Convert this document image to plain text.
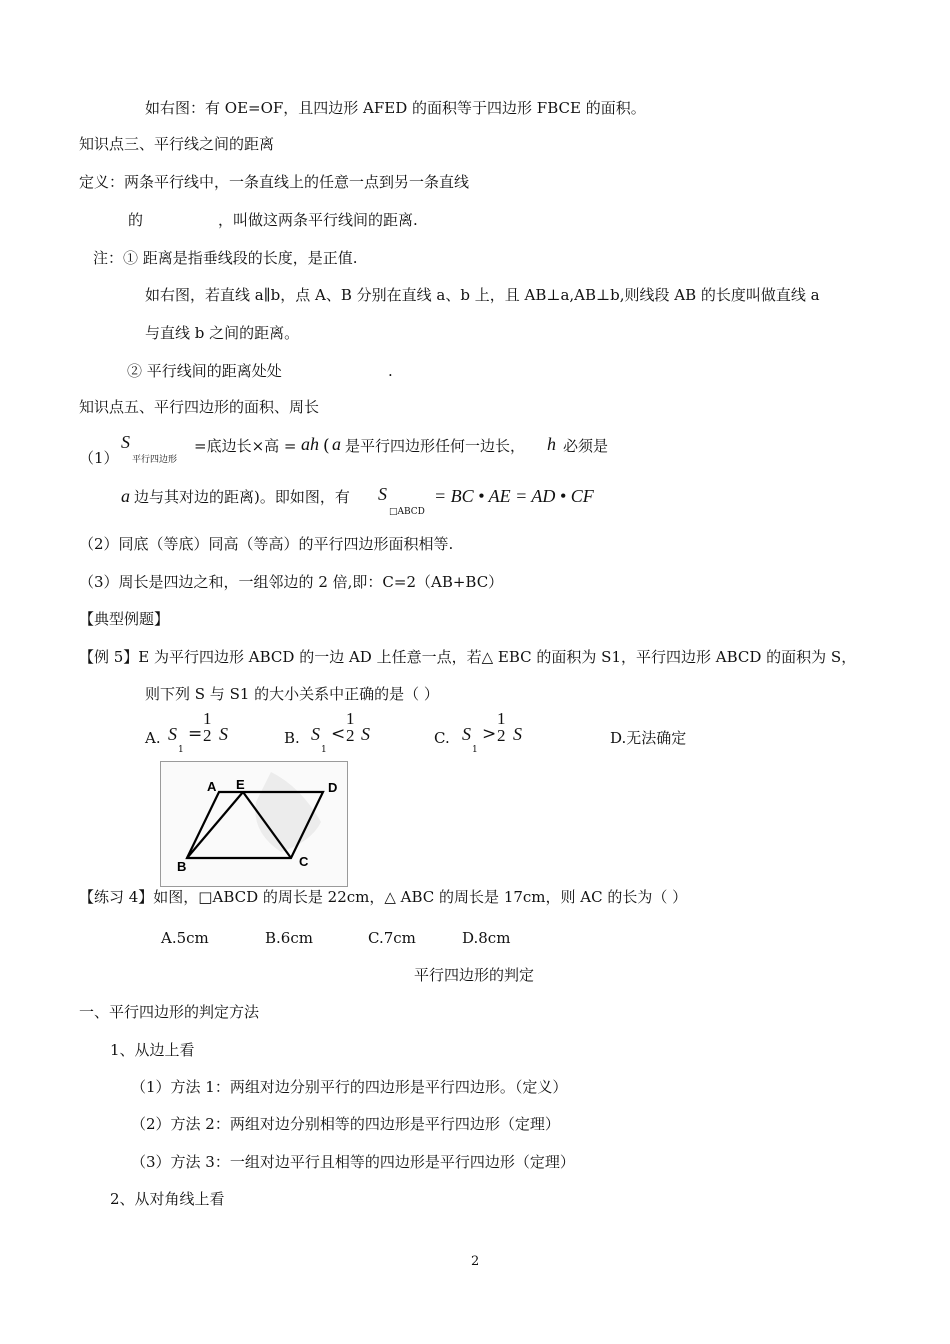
如右图：有 OE=OF，且四边形 AFED 的面积等于四边形 FBCE 的面积。
知识点三、平行线之间的距离
定义：两条平行线中，一条直线上的任意一点到另一条直线
的	，叫做这两条平行线间的距离.
注：① 距离是指垂线段的长度，是正值.
如右图，若直线 a∥b，点 A、B 分别在直线 a、b 上，且 AB⊥a,AB⊥b,则线段 AB 的长度叫做直线 a
与直线 b 之间的距离。
② 平行线间的距离处处	.
知识点五、平行四边形的面积、周长
（1）
S
平行四边形
=底边长×高 = ah ( a 是平行四边形任何一边长， h 必须是
a 边与其对边的距离)。即如图，有 S
□ABCD
= BC • AE = AD • CF
（2）同底（等底）同高（等高）的平行四边形面积相等.
（3）周长是四边之和，一组邻边的 2 倍,即：C=2（AB+BC）
【典型例题】
【例 5】E 为平行四边形 ABCD 的一边 AD 上任意一点，若△ EBC 的面积为 S1，平行四边形 ABCD 的面积为 S，
则下列 S 与 S1 的大小关系中正确的是（ ）
A. S
1
=
1
2 S	B. S
1
<
1
2 S	C. S
1
>
1
2 S	D.无法确定
A E	D
B	C
【练习 4】如图，□ABCD 的周长是 22cm，△ ABC 的周长是 17cm，则 AC 的长为（ ）
A.5cm	B.6cm	C.7cm	D.8cm
平行四边形的判定
一、平行四边形的判定方法
1、从边上看
（1）方法 1：两组对边分别平行的四边形是平行四边形。（定义）
（2）方法 2：两组对边分别相等的四边形是平行四边形（定理）
（3）方法 3：一组对边平行且相等的四边形是平行四边形（定理）
2、从对角线上看
2
